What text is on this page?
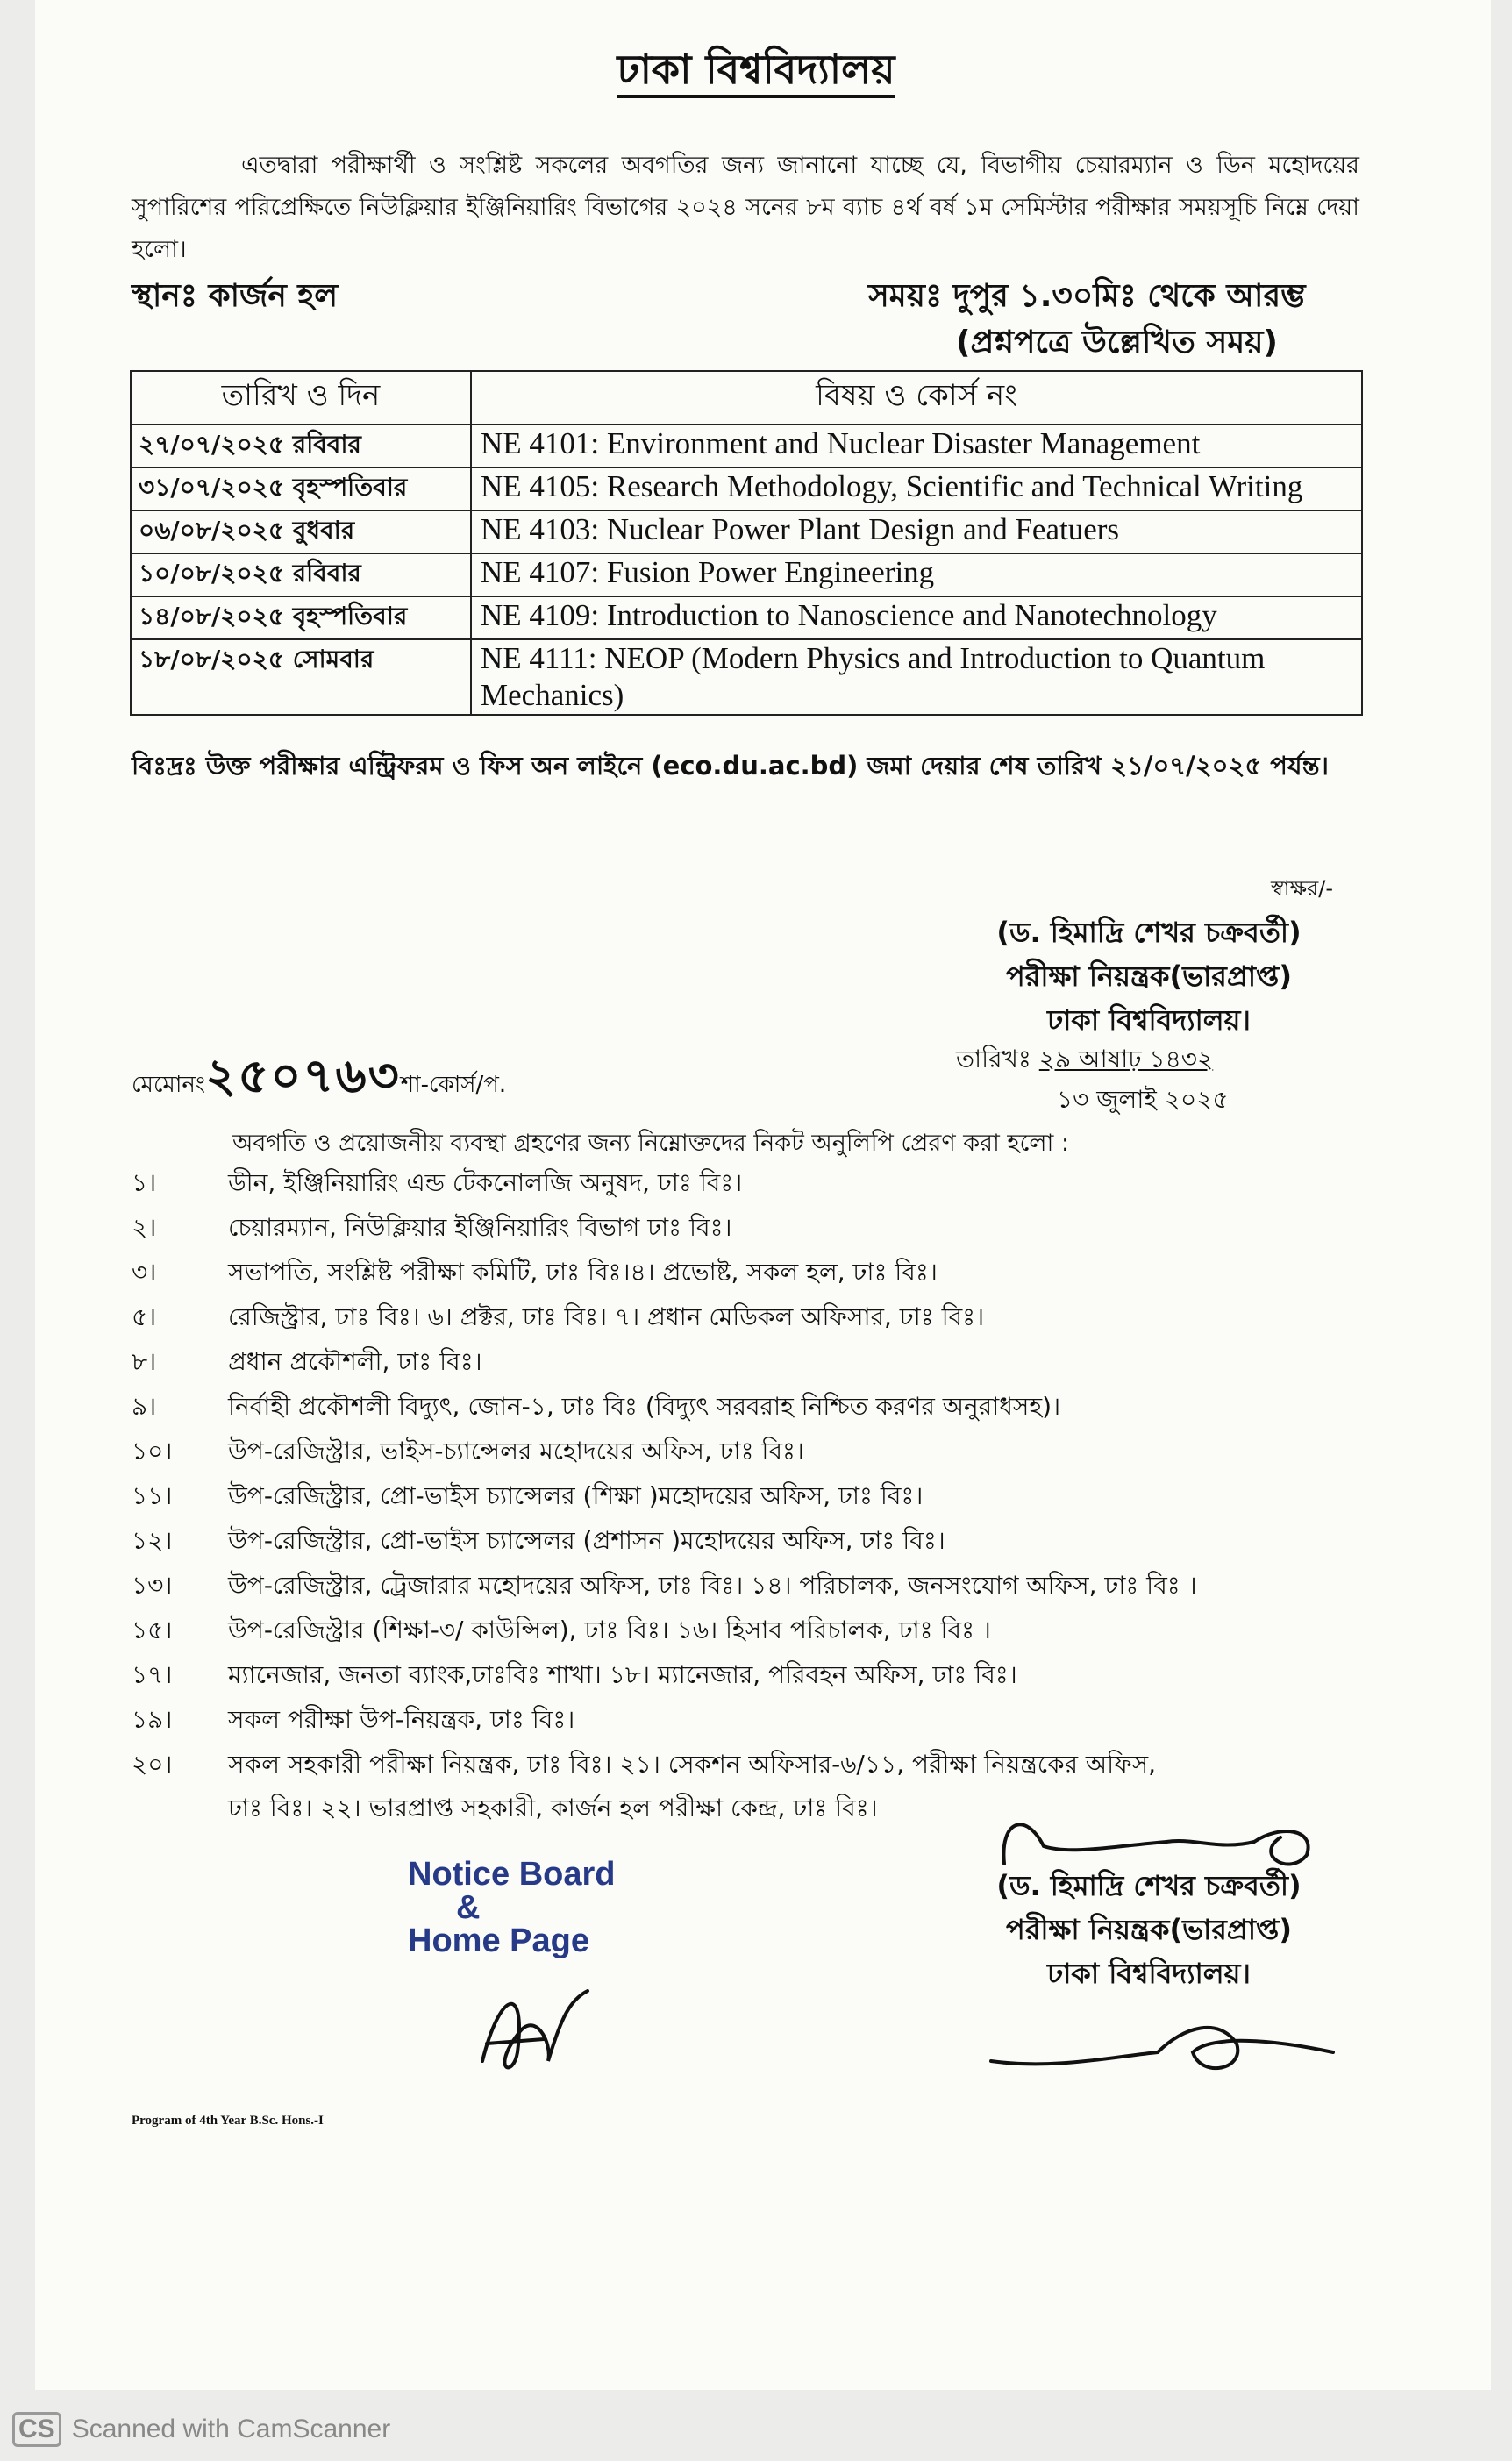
ঢাকা বিশ্ববিদ্যালয়
এতদ্বারা পরীক্ষার্থী ও সংশ্লিষ্ট সকলের অবগতির জন্য জানানো যাচ্ছে যে, বিভাগীয় চেয়ারম্যান ও ডিন মহোদয়ের সুপারিশের পরিপ্রেক্ষিতে নিউক্লিয়ার ইঞ্জিনিয়ারিং বিভাগের ২০২৪ সনের ৮ম ব্যাচ ৪র্থ বর্ষ ১ম সেমিস্টার পরীক্ষার সময়সূচি নিম্নে দেয়া হলো।
স্থানঃ কার্জন হল	সময়ঃ দুপুর ১.৩০মিঃ থেকে আরম্ভ
(প্রশ্নপত্রে উল্লেখিত সময়)
তারিখ ও দিন	বিষয় ও কোর্স নং
২৭/০৭/২০২৫ রবিবার	NE 4101: Environment and Nuclear Disaster Management
৩১/০৭/২০২৫ বৃহস্পতিবার	NE 4105: Research Methodology, Scientific and Technical Writing
০৬/০৮/২০২৫ বুধবার	NE 4103: Nuclear Power Plant Design and Featuers
১০/০৮/২০২৫ রবিবার	NE 4107: Fusion Power Engineering
১৪/০৮/২০২৫ বৃহস্পতিবার	NE 4109: Introduction to Nanoscience and Nanotechnology
১৮/০৮/২০২৫ সোমবার	NE 4111: NEOP (Modern Physics and Introduction to Quantum Mechanics)
বিঃদ্রঃ উক্ত পরীক্ষার এন্ট্রিফরম ও ফিস অন লাইনে (eco.du.ac.bd) জমা দেয়ার শেষ তারিখ ২১/০৭/২০২৫ পর্যন্ত।
স্বাক্ষর/-
(ড. হিমাদ্রি শেখর চক্রবর্তী)
পরীক্ষা নিয়ন্ত্রক(ভারপ্রাপ্ত)
ঢাকা বিশ্ববিদ্যালয়।
মেমোনং২৫০৭৬৩শা-কোর্স/প.
তারিখঃ ২৯ আষাঢ় ১৪৩২
১৩ জুলাই ২০২৫
অবগতি ও প্রয়োজনীয় ব্যবস্থা গ্রহণের জন্য নিম্নোক্তদের নিকট অনুলিপি প্রেরণ করা হলো :
১।	ডীন, ইঞ্জিনিয়ারিং এন্ড টেকনোলজি অনুষদ, ঢাঃ বিঃ।
২।	চেয়ারম্যান, নিউক্লিয়ার ইঞ্জিনিয়ারিং বিভাগ ঢাঃ বিঃ।
৩।	সভাপতি, সংশ্লিষ্ট পরীক্ষা কমিটি, ঢাঃ বিঃ।৪। প্রভোষ্ট, সকল হল, ঢাঃ বিঃ।
৫।	রেজিস্ট্রার, ঢাঃ বিঃ। ৬। প্রক্টর, ঢাঃ বিঃ। ৭। প্রধান মেডিকল অফিসার, ঢাঃ বিঃ।
৮।	প্রধান প্রকৌশলী, ঢাঃ বিঃ।
৯।	নির্বাহী প্রকৌশলী বিদ্যুৎ, জোন-১, ঢাঃ বিঃ (বিদ্যুৎ সরবরাহ নিশ্চিত করণর অনুরাধসহ)।
১০।	উপ-রেজিস্ট্রার, ভাইস-চ্যান্সেলর মহোদয়ের অফিস, ঢাঃ বিঃ।
১১।	উপ-রেজিস্ট্রার, প্রো-ভাইস চ্যান্সেলর (শিক্ষা )মহোদয়ের অফিস, ঢাঃ বিঃ।
১২।	উপ-রেজিস্ট্রার, প্রো-ভাইস চ্যান্সেলর (প্রশাসন )মহোদয়ের অফিস, ঢাঃ বিঃ।
১৩।	উপ-রেজিস্ট্রার, ট্রেজারার মহোদয়ের অফিস, ঢাঃ বিঃ। ১৪। পরিচালক, জনসংযোগ অফিস, ঢাঃ বিঃ ।
১৫।	উপ-রেজিস্ট্রার (শিক্ষা-৩/ কাউন্সিল), ঢাঃ বিঃ। ১৬। হিসাব পরিচালক, ঢাঃ বিঃ ।
১৭।	ম্যানেজার, জনতা ব্যাংক,ঢাঃবিঃ শাখা। ১৮। ম্যানেজার, পরিবহন অফিস, ঢাঃ বিঃ।
১৯।	সকল পরীক্ষা উপ-নিয়ন্ত্রক, ঢাঃ বিঃ।
২০।	সকল সহকারী পরীক্ষা নিয়ন্ত্রক, ঢাঃ বিঃ। ২১। সেকশন অফিসার-৬/১১, পরীক্ষা নিয়ন্ত্রকের অফিস,
ঢাঃ বিঃ। ২২। ভারপ্রাপ্ত সহকারী, কার্জন হল পরীক্ষা কেন্দ্র, ঢাঃ বিঃ।
Notice Board
&
Home Page
(ড. হিমাদ্রি শেখর চক্রবর্তী)
পরীক্ষা নিয়ন্ত্রক(ভারপ্রাপ্ত)
ঢাকা বিশ্ববিদ্যালয়।
Program of 4th Year B.Sc. Hons.-I
CS Scanned with CamScanner
